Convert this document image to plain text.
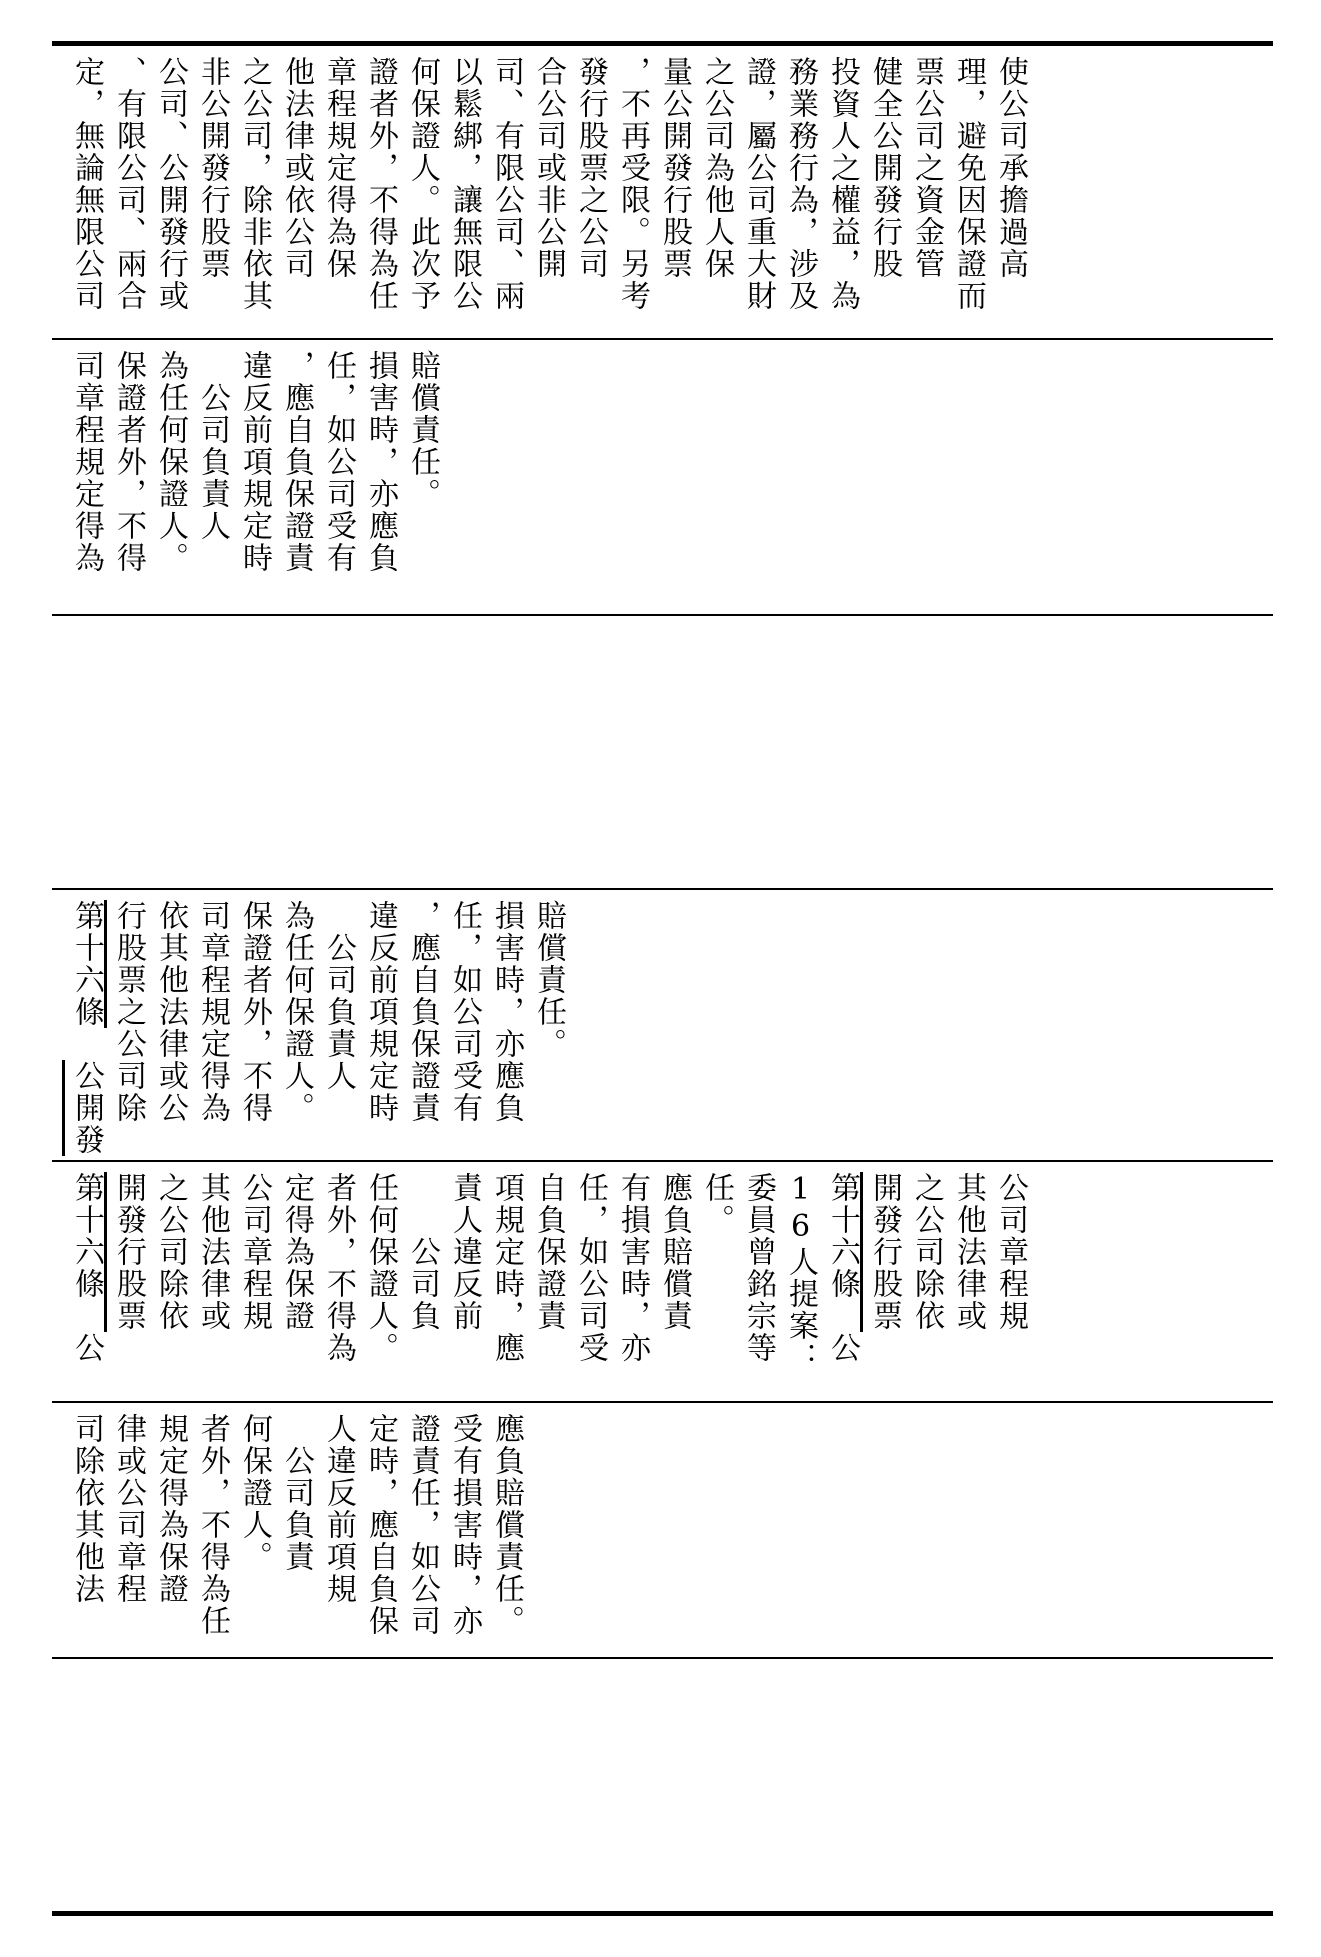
定，無論無限公司 、有限公司、兩合 公司、公開發行或 非公開發行股票 之公司，除非依其 他法律或依公司 章程規定得為保 證者外，不得為任 何保證人。此次予 以鬆綁，讓無限公 司、有限公司、兩 合公司或非公開 發行股票之公司 ，不再受限。另考 量公開發行股票 之公司為他人保 證，屬公司重大財 務業務行為，涉及 投資人之權益，為 健全公開發行股 票公司之資金管 理，避免因保證而 使公司承擔過高
司章程規定得為 保證者外，不得 為任何保證人。 　公司負責人 違反前項規定時 ，應自負保證責 任，如公司受有 損害時，亦應負 賠償責任。
第十六條　公開發
行股票之公司除 依其他法律或公 司章程規定得為 保證者外，不得 為任何保證人。 　公司負責人 違反前項規定時 ，應自負保證責 任，如公司受有 損害時，亦應負 賠償責任。
第十六條　公 開發行股票 之公司除依 其他法律或 公司章程規 定得為保證 者外，不得為 任何保證人。 　　公司負 責人違反前 項規定時，應 自負保證責 任，如公司受 有損害時，亦 應負賠償責 任。 委員曾銘宗等 16人提案： 第十六條　公 開發行股票 之公司除依 其他法律或 公司章程規
司除依其他法 律或公司章程 規定得為保證 者外，不得為任 何保證人。 　公司負責 人違反前項規 定時，應自負保 證責任，如公司 受有損害時，亦 應負賠償責任。
